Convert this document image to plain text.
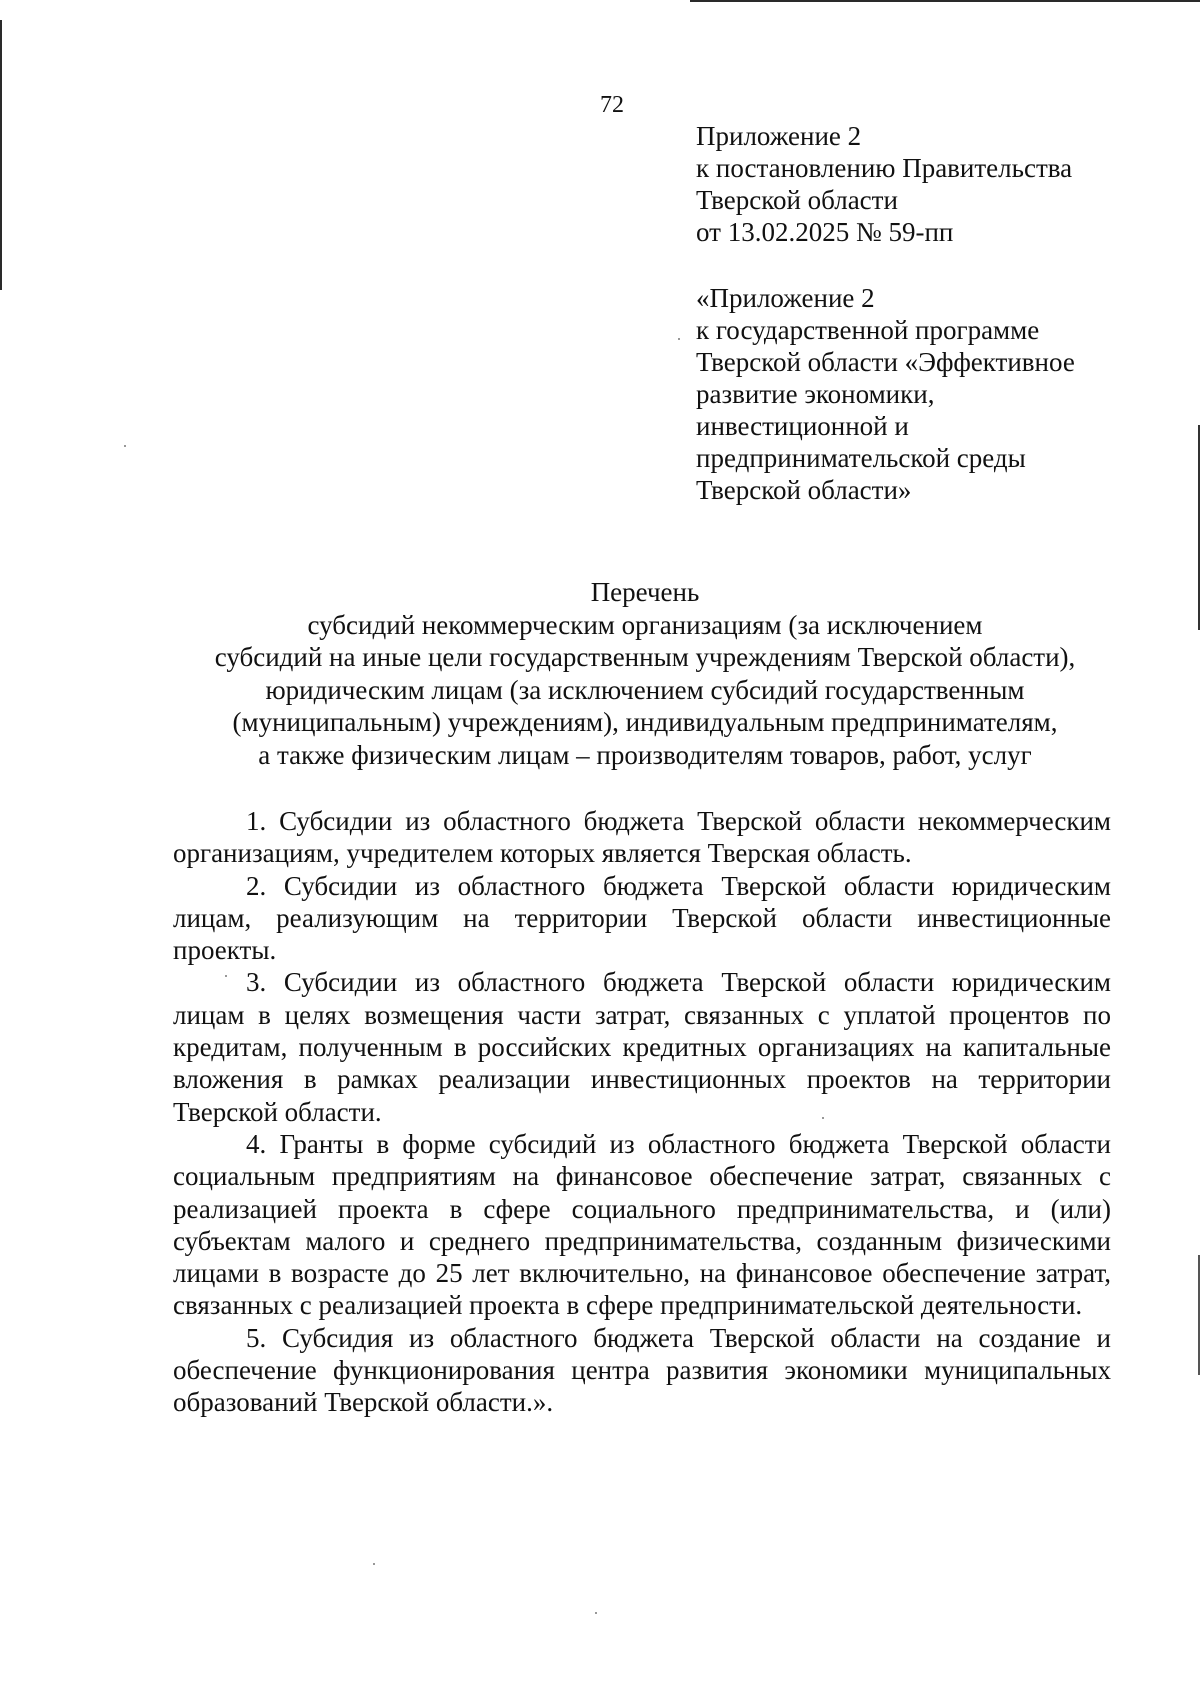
72
Приложение 2
к постановлению Правительства
Тверской области
от 13.02.2025 № 59-пп
«Приложение 2
к государственной программе
Тверской области «Эффективное
развитие экономики,
инвестиционной и
предпринимательской среды
Тверской области»
Перечень
субсидий некоммерческим организациям (за исключением
субсидий на иные цели государственным учреждениям Тверской области),
юридическим лицам (за исключением субсидий государственным
(муниципальным) учреждениям), индивидуальным предпринимателям,
а также физическим лицам – производителям товаров, работ, услуг

1. Субсидии из областного бюджета Тверской области некоммерческим организациям, учредителем которых является Тверская область.

2. Субсидии из областного бюджета Тверской области юридическим лицам, реализующим на территории Тверской области инвестиционные проекты.

3. Субсидии из областного бюджета Тверской области юридическим лицам в целях возмещения части затрат, связанных с уплатой процентов по кредитам, полученным в российских кредитных организациях на капитальные вложения в рамках реализации инвестиционных проектов на территории Тверской области.

4. Гранты в форме субсидий из областного бюджета Тверской области социальным предприятиям на финансовое обеспечение затрат, связанных с реализацией проекта в сфере социального предпринимательства, и (или) субъектам малого и среднего предпринимательства, созданным физическими лицами в возрасте до 25 лет включительно, на финансовое обеспечение затрат, связанных с реализацией проекта в сфере предпринимательской деятельности.

5. Субсидия из областного бюджета Тверской области на создание и обеспечение функционирования центра развития экономики муниципальных образований Тверской области.».
